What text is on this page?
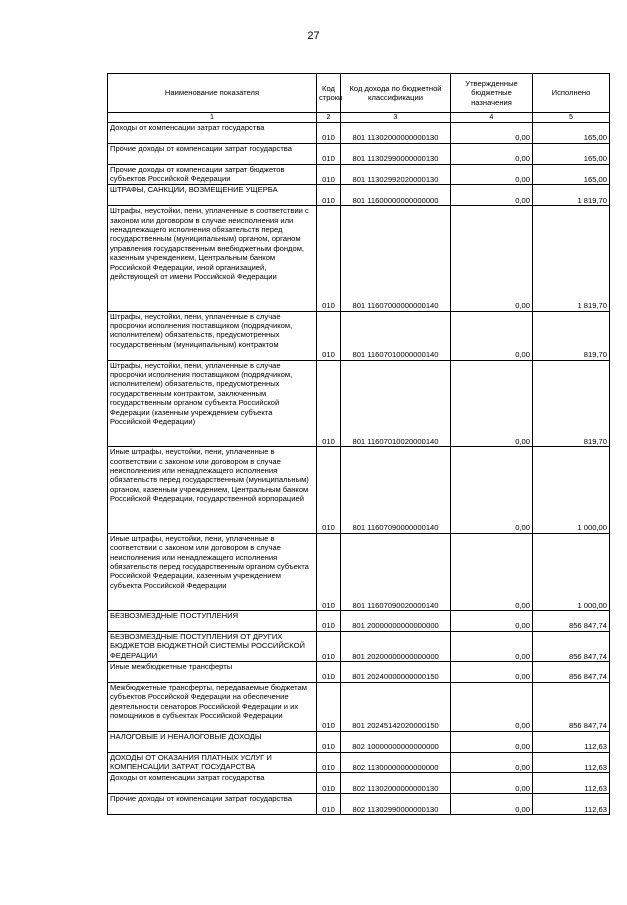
27
Наименование показателя	Код строки	Код дохода по бюджетной классификации	Утвержденные бюджетные назначения	Исполнено
1	2	3	4	5
Доходы от компенсации затрат государства	010	801 11302000000000130	0,00	165,00
Прочие доходы от компенсации затрат государства	010	801 11302990000000130	0,00	165,00
Прочие доходы от компенсации затрат бюджетов субъектов Российской Федерации	010	801 11302992020000130	0,00	165,00
ШТРАФЫ, САНКЦИИ, ВОЗМЕЩЕНИЕ УЩЕРБА	010	801 11600000000000000	0,00	1 819,70
Штрафы, неустойки, пени, уплаченные в соответствии с законом или договором в случае неисполнения или ненадлежащего исполнения обязательств перед государственным (муниципальным) органом, органом управления государственным внебюджетным фондом, казенным учреждением, Центральным банком Российской Федерации, иной организацией, действующей от имени Российской Федерации	010	801 11607000000000140	0,00	1 819,70
Штрафы, неустойки, пени, уплаченные в случае просрочки исполнения поставщиком (подрядчиком, исполнителем) обязательств, предусмотренных государственным (муниципальным) контрактом	010	801 11607010000000140	0,00	819,70
Штрафы, неустойки, пени, уплаченные в случае просрочки исполнения поставщиком (подрядчиком, исполнителем) обязательств, предусмотренных государственным контрактом, заключенным государственным органом субъекта Российской Федерации (казенным учреждением субъекта Российской Федерации)	010	801 11607010020000140	0,00	819,70
Иные штрафы, неустойки, пени, уплаченные в соответствии с законом или договором в случае неисполнения или ненадлежащего исполнения обязательств перед государственным (муниципальным) органом, казенным учреждением, Центральным банком Российской Федерации, государственной корпорацией	010	801 11607090000000140	0,00	1 000,00
Иные штрафы, неустойки, пени, уплаченные в соответствии с законом или договором в случае неисполнения или ненадлежащего исполнения обязательств перед государственным органом субъекта Российской Федерации, казенным учреждением субъекта Российской Федерации	010	801 11607090020000140	0,00	1 000,00
БЕЗВОЗМЕЗДНЫЕ ПОСТУПЛЕНИЯ	010	801 20000000000000000	0,00	856 847,74
БЕЗВОЗМЕЗДНЫЕ ПОСТУПЛЕНИЯ ОТ ДРУГИХ БЮДЖЕТОВ БЮДЖЕТНОЙ СИСТЕМЫ РОССИЙСКОЙ ФЕДЕРАЦИИ	010	801 20200000000000000	0,00	856 847,74
Иные межбюджетные трансферты	010	801 20240000000000150	0,00	856 847,74
Межбюджетные трансферты, передаваемые бюджетам субъектов Российской Федерации на обеспечение деятельности сенаторов Российской Федерации и их помощников в субъектах Российской Федерации	010	801 20245142020000150	0,00	856 847,74
НАЛОГОВЫЕ И НЕНАЛОГОВЫЕ ДОХОДЫ	010	802 10000000000000000	0,00	112,63
ДОХОДЫ ОТ ОКАЗАНИЯ ПЛАТНЫХ УСЛУГ И КОМПЕНСАЦИИ ЗАТРАТ ГОСУДАРСТВА	010	802 11300000000000000	0,00	112,63
Доходы от компенсации затрат государства	010	802 11302000000000130	0,00	112,63
Прочие доходы от компенсации затрат государства	010	802 11302990000000130	0,00	112,63
